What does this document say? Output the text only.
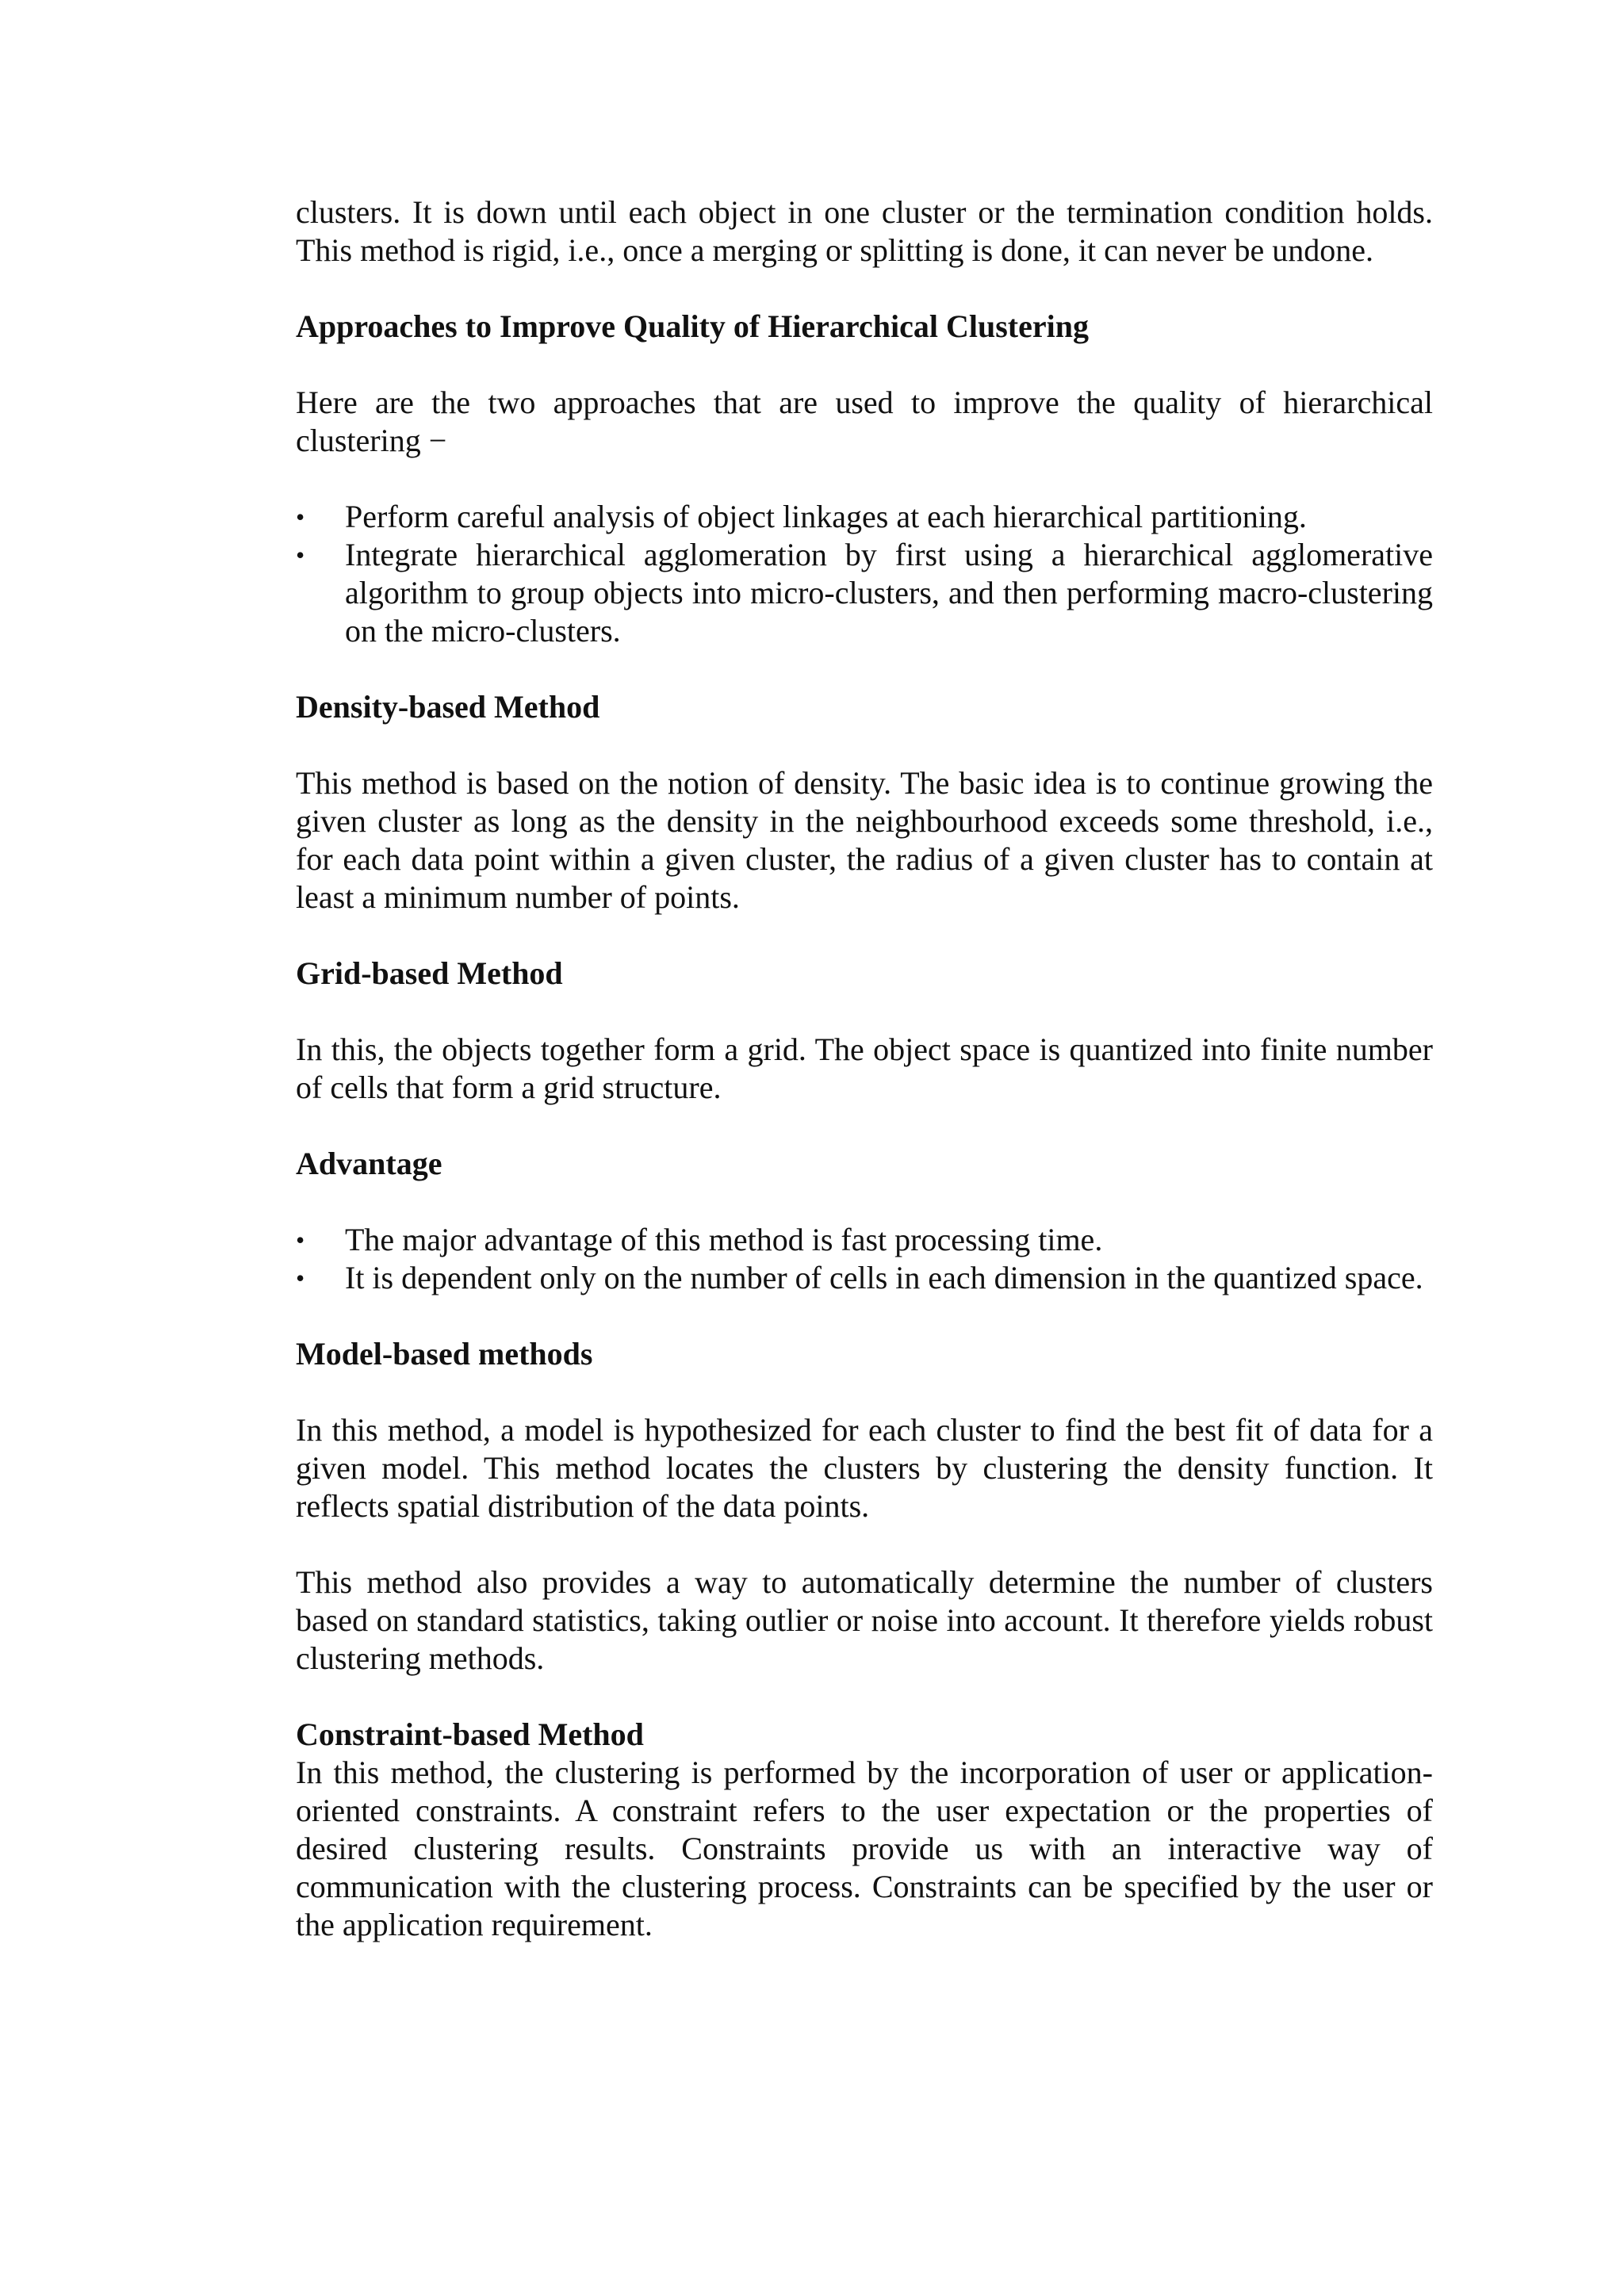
clusters. It is down until each object in one cluster or the termination condition holds. This method is rigid, i.e., once a merging or splitting is done, it can never be undone.

Approaches to Improve Quality of Hierarchical Clustering

Here are the two approaches that are used to improve the quality of hierarchical clustering −

• Perform careful analysis of object linkages at each hierarchical partitioning.
• Integrate hierarchical agglomeration by first using a hierarchical agglomerative algorithm to group objects into micro-clusters, and then performing macro-clustering on the micro-clusters.
Density-based Method

This method is based on the notion of density. The basic idea is to continue growing the given cluster as long as the density in the neighbourhood exceeds some threshold, i.e., for each data point within a given cluster, the radius of a given cluster has to contain at least a minimum number of points.

Grid-based Method

In this, the objects together form a grid. The object space is quantized into finite number of cells that form a grid structure.

Advantage
• The major advantage of this method is fast processing time.
• It is dependent only on the number of cells in each dimension in the quantized space.
Model-based methods

In this method, a model is hypothesized for each cluster to find the best fit of data for a given model. This method locates the clusters by clustering the density function. It reflects spatial distribution of the data points.

This method also provides a way to automatically determine the number of clusters based on standard statistics, taking outlier or noise into account. It therefore yields robust clustering methods.

Constraint-based Method

In this method, the clustering is performed by the incorporation of user or application-oriented constraints. A constraint refers to the user expectation or the properties of desired clustering results. Constraints provide us with an interactive way of communication with the clustering process. Constraints can be specified by the user or the application requirement.
